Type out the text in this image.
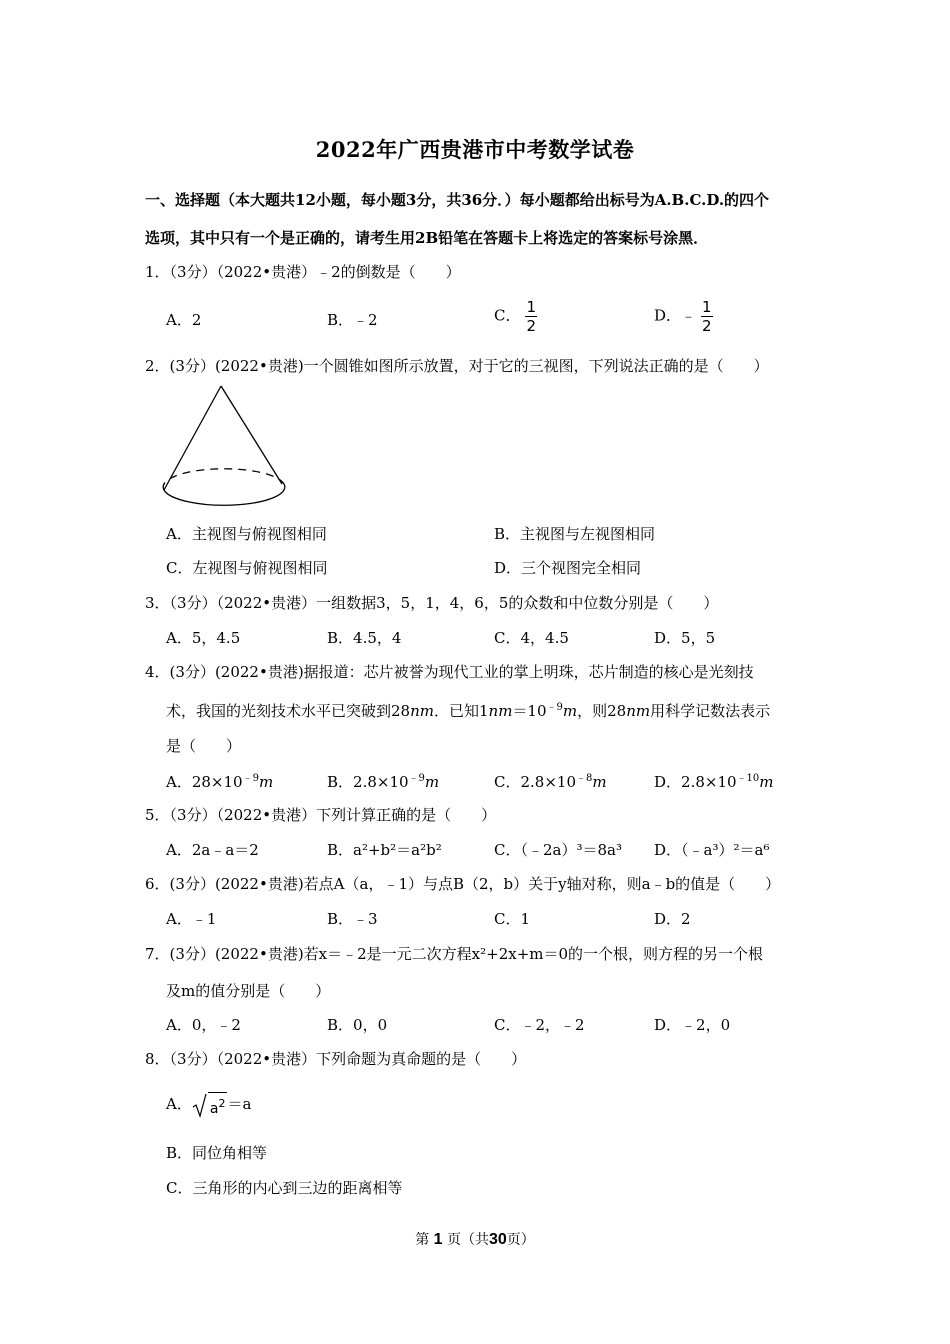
2022年广西贵港市中考数学试卷
一、选择题（本大题共12小题，每小题3分，共36分．）每小题都给出标号为A.B.C.D.的四个
选项，其中只有一个是正确的，请考生用2B铅笔在答题卡上将选定的答案标号涂黑．
1．（3分）（2022•贵港）﹣2的倒数是（　　）
A．2	B．﹣2	C． $\frac{1}{2}$	D．﹣ $\frac{1}{2}$
2．(3分）(2022•贵港)一个圆锥如图所示放置，对于它的三视图，下列说法正确的是（　　）
A．主视图与俯视图相同	B．主视图与左视图相同
C．左视图与俯视图相同	D．三个视图完全相同
3．（3分）（2022•贵港）一组数据3，5，1，4，6，5的众数和中位数分别是（　　）
A．5，4.5	B．4.5，4	C．4，4.5	D．5，5
4．(3分）(2022•贵港)据报道：芯片被誉为现代工业的掌上明珠，芯片制造的核心是光刻技
术，我国的光刻技术水平已突破到28nm．已知$1nm=10^{﹣9}m$，则28nm用科学记数法表示
是（　　）
A．$28\times 10^{﹣9}m$	B．$2.8\times 10^{﹣9}m$	C．$2.8\times 10^{﹣8}m$	D．$2.8\times 10^{﹣10}m$
5．（3分）（2022•贵港）下列计算正确的是（　　）
A．2a﹣a＝2	B．a²+b²＝a²b²	C．（﹣2a）³＝8a³ D．（﹣a³）²＝a⁶
6．(3分）(2022•贵港)若点A（a，﹣1）与点B（2，b）关于y轴对称，则a﹣b的值是（　　）
A．﹣1	B．﹣3	C．1	D．2
7．(3分）(2022•贵港)若x＝﹣2是一元二次方程x²+2x+m＝0的一个根，则方程的另一个根
及m的值分别是（　　）
A．0，﹣2	B．0，0	C．﹣2，﹣2	D．﹣2，0
8．（3分）（2022•贵港）下列命题为真命题的是（　　）
A． $a^2 =a$
B．同位角相等
C．三角形的内心到三边的距离相等
第 1 页（共30页）
